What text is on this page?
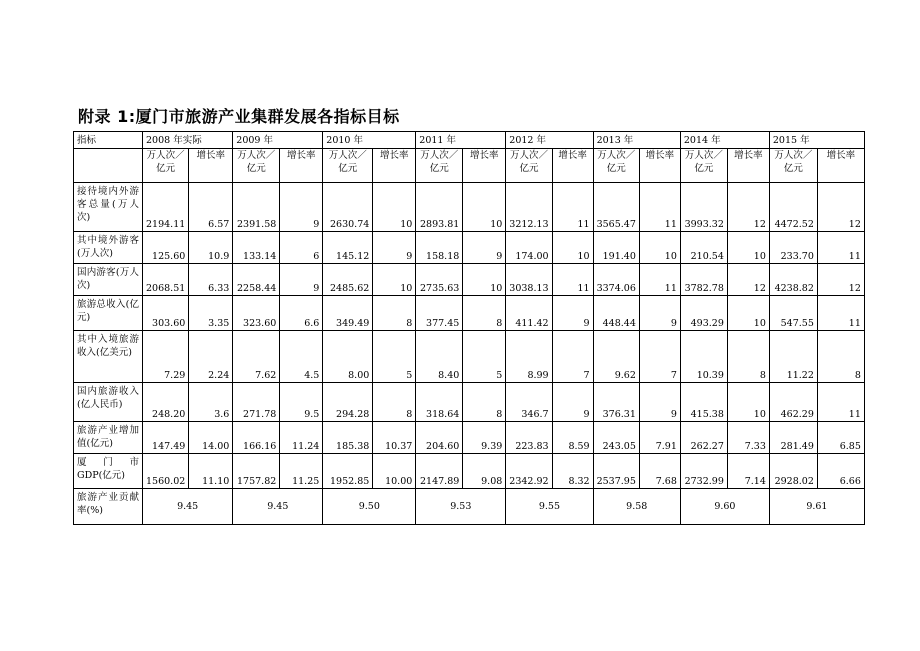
附录 1:厦门市旅游产业集群发展各指标目标
指标	2008 年实际		2009 年		2010 年		2011 年		2012 年		2013 年		2014 年		2015 年	
	万人次／亿元	增长率	万人次／亿元	增长率	万人次／亿元	增长率	万人次／亿元	增长率	万人次／亿元	增长率	万人次／亿元	增长率	万人次／亿元	增长率	万人次／亿元	增长率
接待境内外游客总量(万人次)	2194.11	6.57	2391.58	9	2630.74	10	2893.81	10	3212.13	11	3565.47	11	3993.32	12	4472.52	12
其中境外游客(万人次)	125.60	10.9	133.14	6	145.12	9	158.18	9	174.00	10	191.40	10	210.54	10	233.70	11
国内游客(万人次)	2068.51	6.33	2258.44	9	2485.62	10	2735.63	10	3038.13	11	3374.06	11	3782.78	12	4238.82	12
旅游总收入(亿元)	303.60	3.35	323.60	6.6	349.49	8	377.45	8	411.42	9	448.44	9	493.29	10	547.55	11
其中入境旅游收入(亿美元)	7.29	2.24	7.62	4.5	8.00	5	8.40	5	8.99	7	9.62	7	10.39	8	11.22	8
国内旅游收入(亿人民币)	248.20	3.6	271.78	9.5	294.28	8	318.64	8	346.7	9	376.31	9	415.38	10	462.29	11
旅游产业增加值(亿元)	147.49	14.00	166.16	11.24	185.38	10.37	204.60	9.39	223.83	8.59	243.05	7.91	262.27	7.33	281.49	6.85
厦门市GDP(亿元)	1560.02	11.10	1757.82	11.25	1952.85	10.00	2147.89	9.08	2342.92	8.32	2537.95	7.68	2732.99	7.14	2928.02	6.66
旅游产业贡献率(%)	9.45		9.45		9.50		9.53		9.55		9.58		9.60		9.61	
